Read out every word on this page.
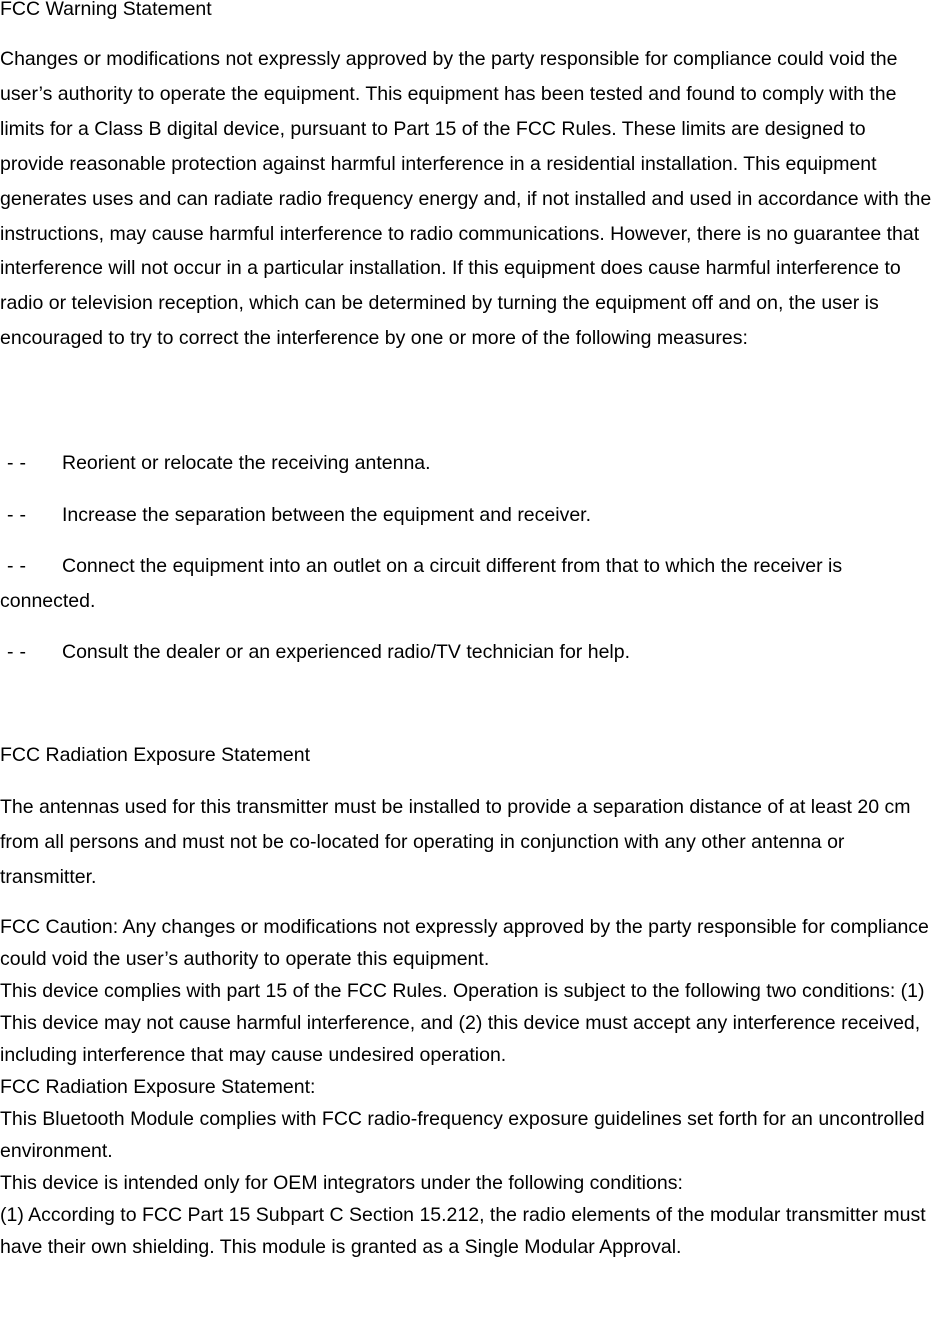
FCC Warning Statement
Changes or modifications not expressly approved by the party responsible for compliance could void the user’s authority to operate the equipment. This equipment has been tested and found to comply with the limits for a Class B digital device, pursuant to Part 15 of the FCC Rules. These limits are designed to provide reasonable protection against harmful interference in a residential installation. This equipment generates uses and can radiate radio frequency energy and, if not installed and used in accordance with the instructions, may cause harmful interference to radio communications. However, there is no guarantee that interference will not occur in a particular installation. If this equipment does cause harmful interference to radio or television reception, which can be determined by turning the equipment off and on, the user is encouraged to try to correct the interference by one or more of the following measures:
-- Reorient or relocate the receiving antenna.
-- Increase the separation between the equipment and receiver.
-- Connect the equipment into an outlet on a circuit different from that to which the receiver is connected.
-- Consult the dealer or an experienced radio/TV technician for help.
FCC Radiation Exposure Statement
The antennas used for this transmitter must be installed to provide a separation distance of at least 20 cm from all persons and must not be co‐located for operating in conjunction with any other antenna or transmitter.
FCC Caution: Any changes or modifications not expressly approved by the party responsible for compliance could void the user’s authority to operate this equipment.
This device complies with part 15 of the FCC Rules. Operation is subject to the following two conditions: (1) This device may not cause harmful interference, and (2) this device must accept any interference received, including interference that may cause undesired operation.
FCC Radiation Exposure Statement:
This Bluetooth Module complies with FCC radio-frequency exposure guidelines set forth for an uncontrolled environment.
This device is intended only for OEM integrators under the following conditions:
(1) According to FCC Part 15 Subpart C Section 15.212, the radio elements of the modular transmitter must have their own shielding. This module is granted as a Single Modular Approval.
